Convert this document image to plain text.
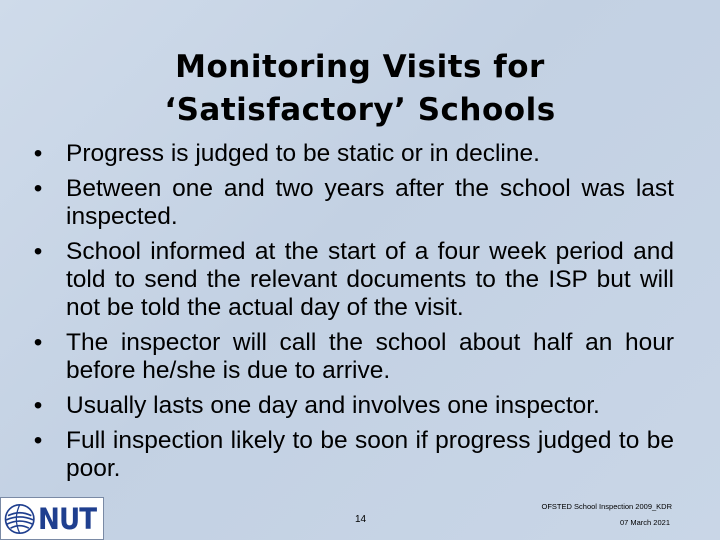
Monitoring Visits for
‘Satisfactory’ Schools
• Progress is judged to be static or in decline.
• Between one and two years after the school was last inspected.
• School informed at the start of a four week period and told to send the relevant documents to the ISP but will not be told the actual day of the visit.
• The inspector will call the school about half an hour before he/she is due to arrive.
• Usually lasts one day and involves one inspector.
• Full inspection likely to be soon if progress judged to be poor.
NUT	14
OFSTED School Inspection 2009_KDR
07 March 2021
